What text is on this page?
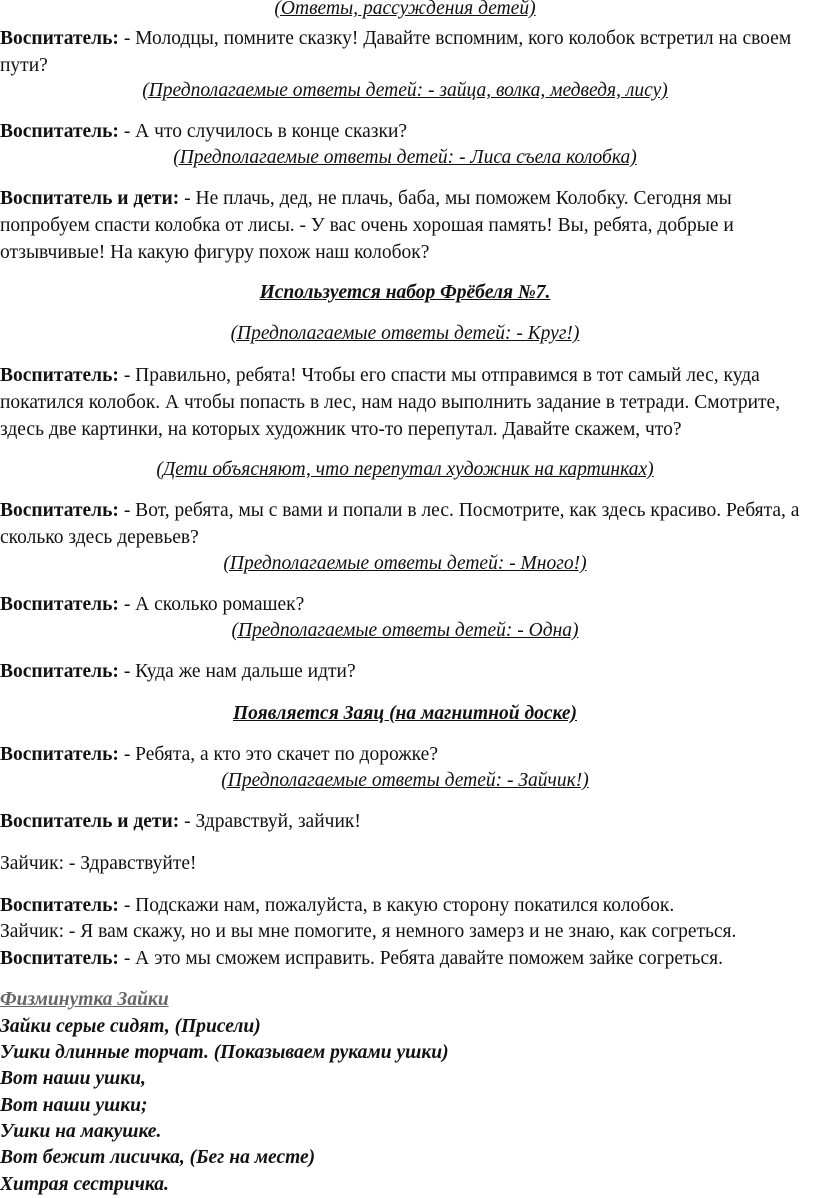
(Ответы, рассуждения детей)

Воспитатель: - Молодцы, помните сказку! Давайте вспомним, кого колобок встретил на своем пути?

(Предполагаемые ответы детей: - зайца, волка, медведя, лису)

Воспитатель: - А что случилось в конце сказки?

(Предполагаемые ответы детей: - Лиса съела колобка)

Воспитатель и дети: - Не плачь, дед, не плачь, баба, мы поможем Колобку. Сегодня мы попробуем спасти колобка от лисы. - У вас очень хорошая память! Вы, ребята, добрые и отзывчивые! На какую фигуру похож наш колобок?

Используется набор Фрёбеля №7.

(Предполагаемые ответы детей: - Круг!)

Воспитатель: - Правильно, ребята! Чтобы его спасти мы отправимся в тот самый лес, куда покатился колобок. А чтобы попасть в лес, нам надо выполнить задание в тетради. Смотрите, здесь две картинки, на которых художник что-то перепутал. Давайте скажем, что?

(Дети объясняют, что перепутал художник на картинках)

Воспитатель: - Вот, ребята, мы с вами и попали в лес. Посмотрите, как здесь красиво. Ребята, а сколько здесь деревьев?

(Предполагаемые ответы детей: - Много!)

Воспитатель: - А сколько ромашек?

(Предполагаемые ответы детей: - Одна)

Воспитатель: - Куда же нам дальше идти?

Появляется Заяц (на магнитной доске)

Воспитатель: - Ребята, а кто это скачет по дорожке?

(Предполагаемые ответы детей: - Зайчик!)

Воспитатель и дети: - Здравствуй, зайчик!

Зайчик: - Здравствуйте!

Воспитатель: - Подскажи нам, пожалуйста, в какую сторону покатился колобок.

Зайчик: - Я вам скажу, но и вы мне помогите, я немного замерз и не знаю, как согреться.

Воспитатель: - А это мы сможем исправить. Ребята давайте поможем зайке согреться.

Физминутка Зайки

Зайки серые сидят, (Присели)

Ушки длинные торчат. (Показываем руками ушки)

Вот наши ушки,

Вот наши ушки;

Ушки на макушке.

Вот бежит лисичка, (Бег на месте)

Хитрая сестричка.
